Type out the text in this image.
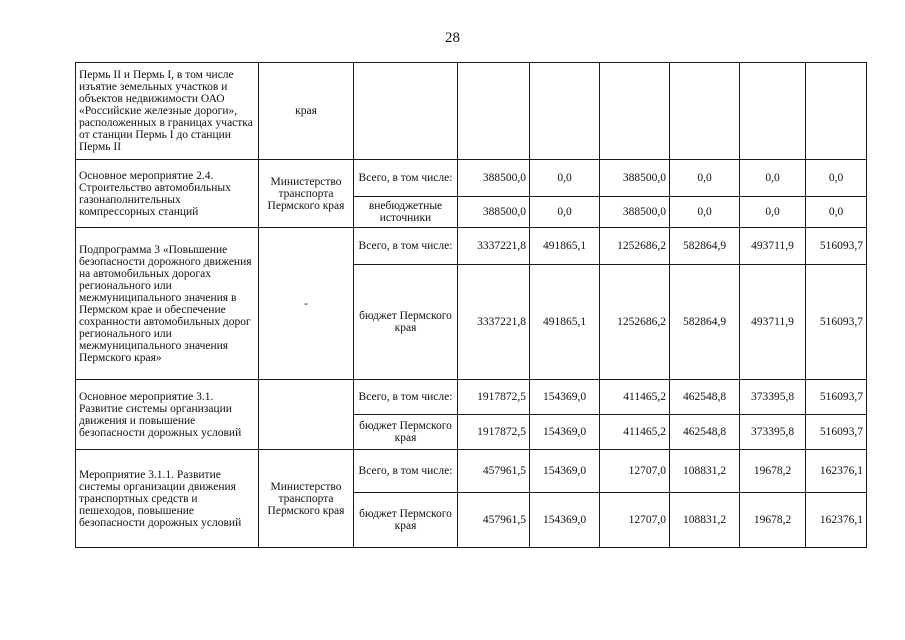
28
Пермь II и Пермь I, в том числе изъятие земельных участков и объектов недвижимости ОАО «Российские железные дороги», расположенных в границах участка от станции Пермь I до станции Пермь II	края							
Основное мероприятие 2.4. Строительство автомобильных газонаполнительных компрессорных станций	Министерство транспорта Пермского края	Всего, в том числе:	388500,0	0,0	388500,0	0,0	0,0	0,0
		внебюджетные источники	388500,0	0,0	388500,0	0,0	0,0	0,0
Подпрограмма 3 «Повышение безопасности дорожного движения на автомобильных дорогах регионального или межмуниципального значения в Пермском крае и обеспечение сохранности автомобильных дорог регионального или межмуниципального значения Пермского края»	-	Всего, в том числе:	3337221,8	491865,1	1252686,2	582864,9	493711,9	516093,7
		бюджет Пермского края	3337221,8	491865,1	1252686,2	582864,9	493711,9	516093,7
Основное мероприятие 3.1. Развитие системы организации движения и повышение безопасности дорожных условий		Всего, в том числе:	1917872,5	154369,0	411465,2	462548,8	373395,8	516093,7
		бюджет Пермского края	1917872,5	154369,0	411465,2	462548,8	373395,8	516093,7
Мероприятие 3.1.1. Развитие системы организации движения транспортных средств и пешеходов, повышение безопасности дорожных условий	Министерство транспорта Пермского края	Всего, в том числе:	457961,5	154369,0	12707,0	108831,2	19678,2	162376,1
		бюджет Пермского края	457961,5	154369,0	12707,0	108831,2	19678,2	162376,1
